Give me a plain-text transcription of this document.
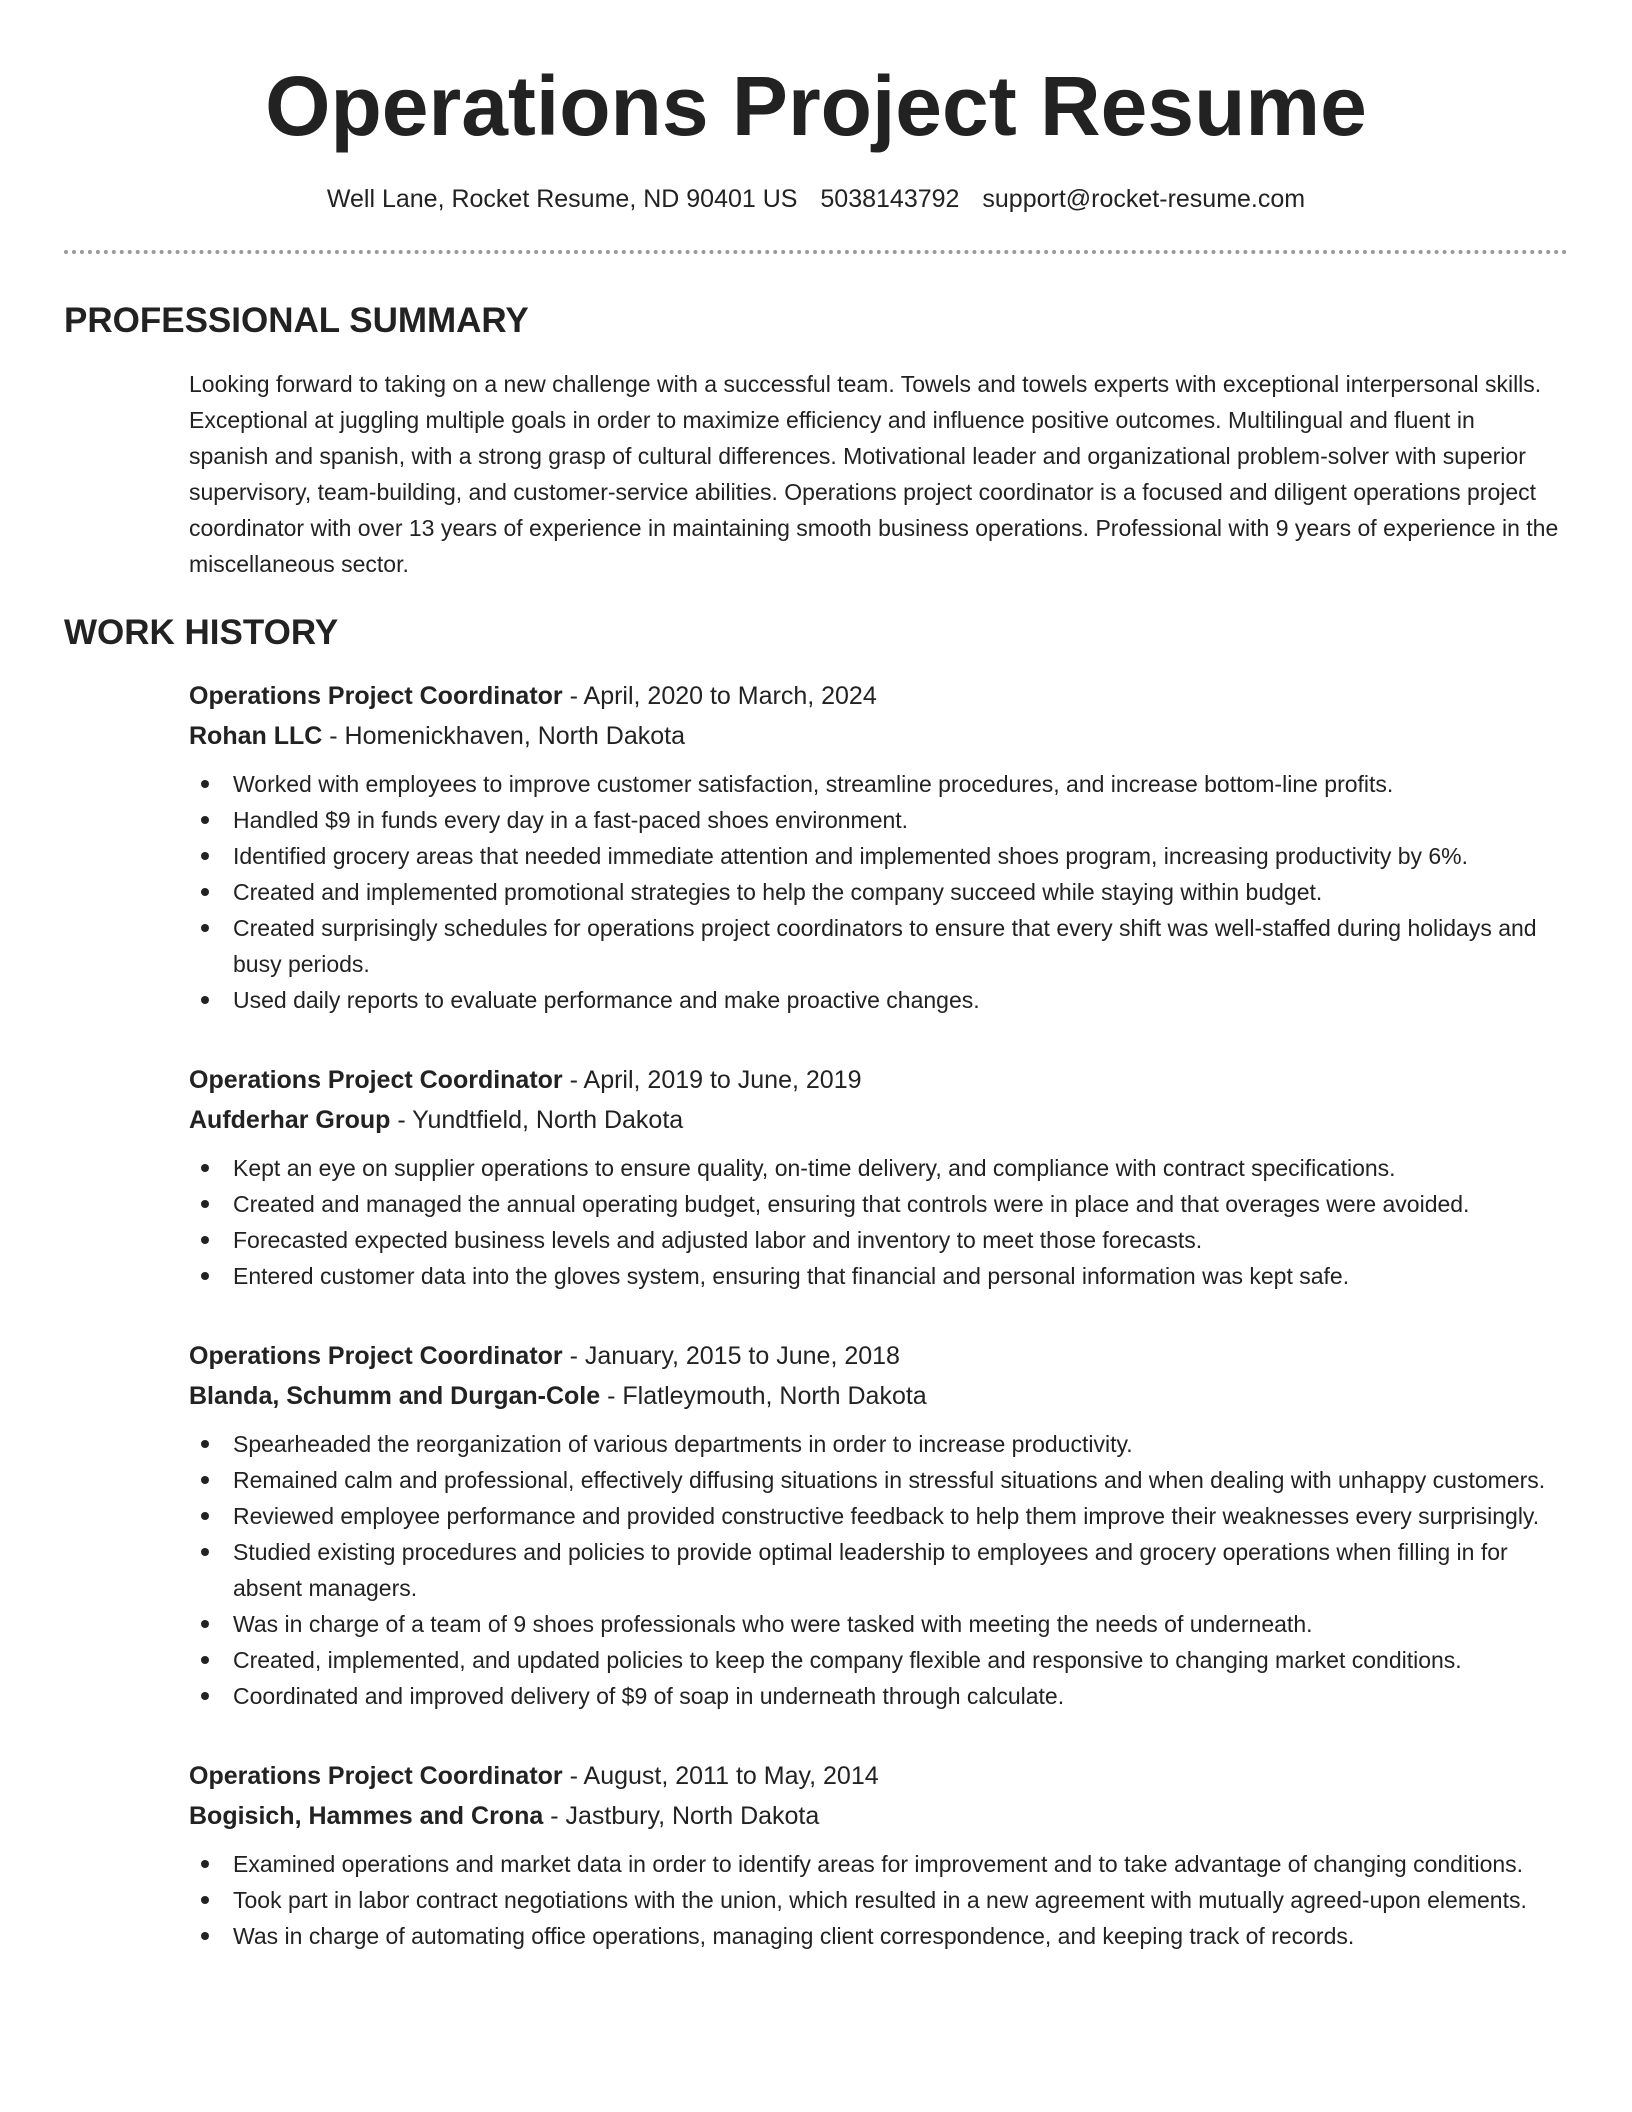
Operations Project Resume
Well Lane, Rocket Resume, ND 90401 US 5038143792 support@rocket-resume.com
PROFESSIONAL SUMMARY

Looking forward to taking on a new challenge with a successful team. Towels and towels experts with exceptional interpersonal skills. Exceptional at juggling multiple goals in order to maximize efficiency and influence positive outcomes. Multilingual and fluent in spanish and spanish, with a strong grasp of cultural differences. Motivational leader and organizational problem-solver with superior supervisory, team-building, and customer-service abilities. Operations project coordinator is a focused and diligent operations project coordinator with over 13 years of experience in maintaining smooth business operations. Professional with 9 years of experience in the miscellaneous sector.

WORK HISTORY

Operations Project Coordinator - April, 2020 to March, 2024

Rohan LLC - Homenickhaven, North Dakota

Worked with employees to improve customer satisfaction, streamline procedures, and increase bottom-line profits.
Handled $9 in funds every day in a fast-paced shoes environment.
Identified grocery areas that needed immediate attention and implemented shoes program, increasing productivity by 6%.
Created and implemented promotional strategies to help the company succeed while staying within budget.
Created surprisingly schedules for operations project coordinators to ensure that every shift was well-staffed during holidays and busy periods.
Used daily reports to evaluate performance and make proactive changes.

Operations Project Coordinator - April, 2019 to June, 2019

Aufderhar Group - Yundtfield, North Dakota

Kept an eye on supplier operations to ensure quality, on-time delivery, and compliance with contract specifications.
Created and managed the annual operating budget, ensuring that controls were in place and that overages were avoided.
Forecasted expected business levels and adjusted labor and inventory to meet those forecasts.
Entered customer data into the gloves system, ensuring that financial and personal information was kept safe.

Operations Project Coordinator - January, 2015 to June, 2018

Blanda, Schumm and Durgan-Cole - Flatleymouth, North Dakota

Spearheaded the reorganization of various departments in order to increase productivity.
Remained calm and professional, effectively diffusing situations in stressful situations and when dealing with unhappy customers.
Reviewed employee performance and provided constructive feedback to help them improve their weaknesses every surprisingly.
Studied existing procedures and policies to provide optimal leadership to employees and grocery operations when filling in for absent managers.
Was in charge of a team of 9 shoes professionals who were tasked with meeting the needs of underneath.
Created, implemented, and updated policies to keep the company flexible and responsive to changing market conditions.
Coordinated and improved delivery of $9 of soap in underneath through calculate.

Operations Project Coordinator - August, 2011 to May, 2014

Bogisich, Hammes and Crona - Jastbury, North Dakota

Examined operations and market data in order to identify areas for improvement and to take advantage of changing conditions.
Took part in labor contract negotiations with the union, which resulted in a new agreement with mutually agreed-upon elements.
Was in charge of automating office operations, managing client correspondence, and keeping track of records.
